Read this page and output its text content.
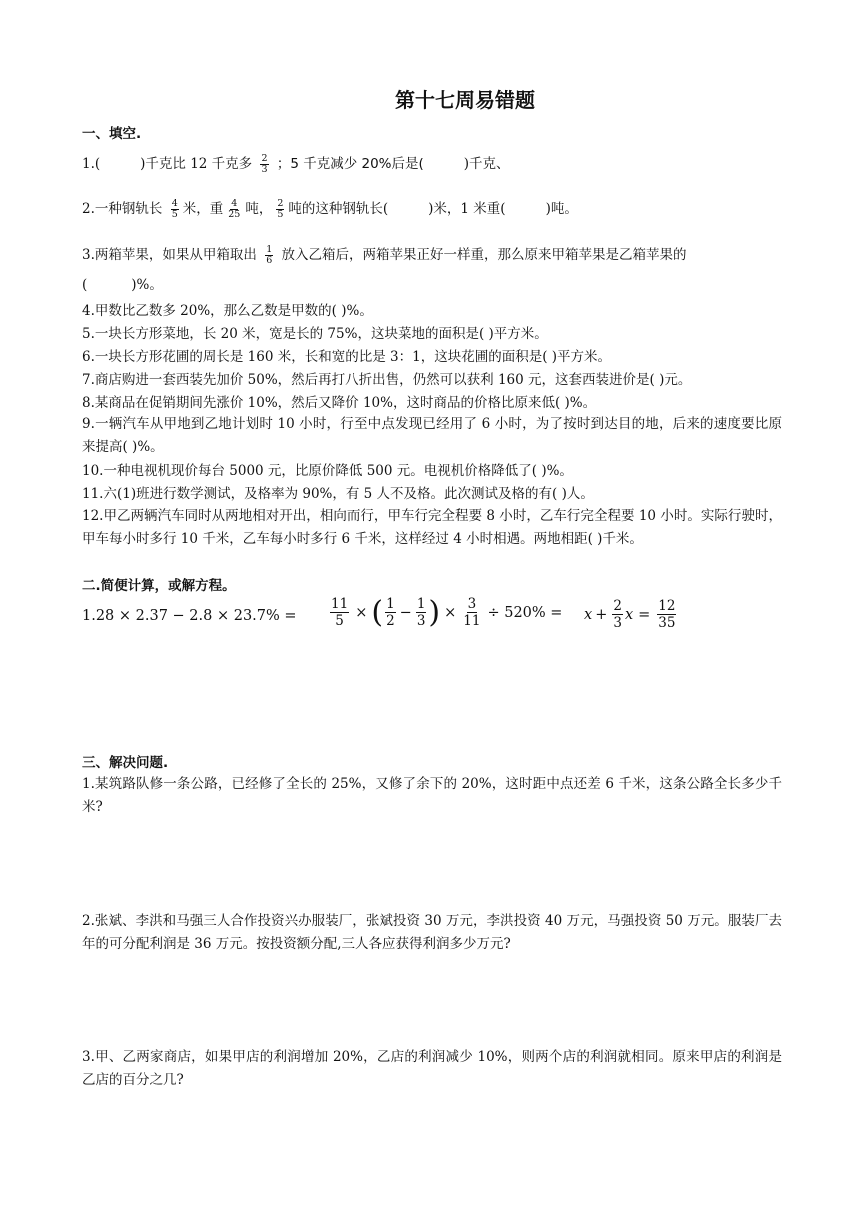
第十七周易错题
一、填空.
1.(	)千克比 12 千克多 $\frac{2}{3}$ ；5 千克减少 20%后是(	)千克、
2.一种钢轨长 $\frac{4}{5}$ 米，重 $\frac{4}{25}$ 吨， $\frac{2}{5}$ 吨的这种钢轨长(	)米，1 米重(	)吨。
3.两箱苹果，如果从甲箱取出 $\frac{1}{6}$ 放入乙箱后，两箱苹果正好一样重，那么原来甲箱苹果是乙箱苹果的
(	)%。
4.甲数比乙数多 20%，那么乙数是甲数的( )%。
5.一块长方形菜地，长 20 米，宽是长的 75%，这块菜地的面积是( )平方米。
6.一块长方形花圃的周长是 160 米，长和宽的比是 3：1，这块花圃的面积是( )平方米。
7.商店购进一套西装先加价 50%，然后再打八折出售，仍然可以获利 160 元，这套西装进价是( )元。
8.某商品在促销期间先涨价 10%，然后又降价 10%，这时商品的价格比原来低( )%。
9.一辆汽车从甲地到乙地计划时 10 小时，行至中点发现已经用了 6 小时，为了按时到达目的地，后来的速度要比原来提高( )%。
10.一种电视机现价每台 5000 元，比原价降低 500 元。电视机价格降低了( )%。
11.六(1)班进行数学测试，及格率为 90%，有 5 人不及格。此次测试及格的有( )人。
12.甲乙两辆汽车同时从两地相对开出，相向而行，甲车行完全程要 8 小时，乙车行完全程要 10 小时。实际行驶时，甲车每小时多行 10 千米，乙车每小时多行 6 千米，这样经过 4 小时相遇。两地相距( )千米。
二.简便计算，或解方程。
$1.28 \times 2.37 - 2.8 \times 23.7\% = \frac{11}{5}$ × ( $\frac{1}{2} - \frac{1}{3}$ ) × $\frac{3}{11} \div 520\% = x + \frac{2}{3}$ $x = \frac{12}{35}$
三、解决问题.
1.某筑路队修一条公路，已经修了全长的 25%，又修了余下的 20%，这时距中点还差 6 千米，这条公路全长多少千米?
2.张斌、李洪和马强三人合作投资兴办服装厂，张斌投资 30 万元，李洪投资 40 万元，马强投资 50 万元。服装厂去年的可分配利润是 36 万元。按投资额分配,三人各应获得利润多少万元?
3.甲、乙两家商店，如果甲店的利润增加 20%，乙店的利润减少 10%，则两个店的利润就相同。原来甲店的利润是乙店的百分之几?
